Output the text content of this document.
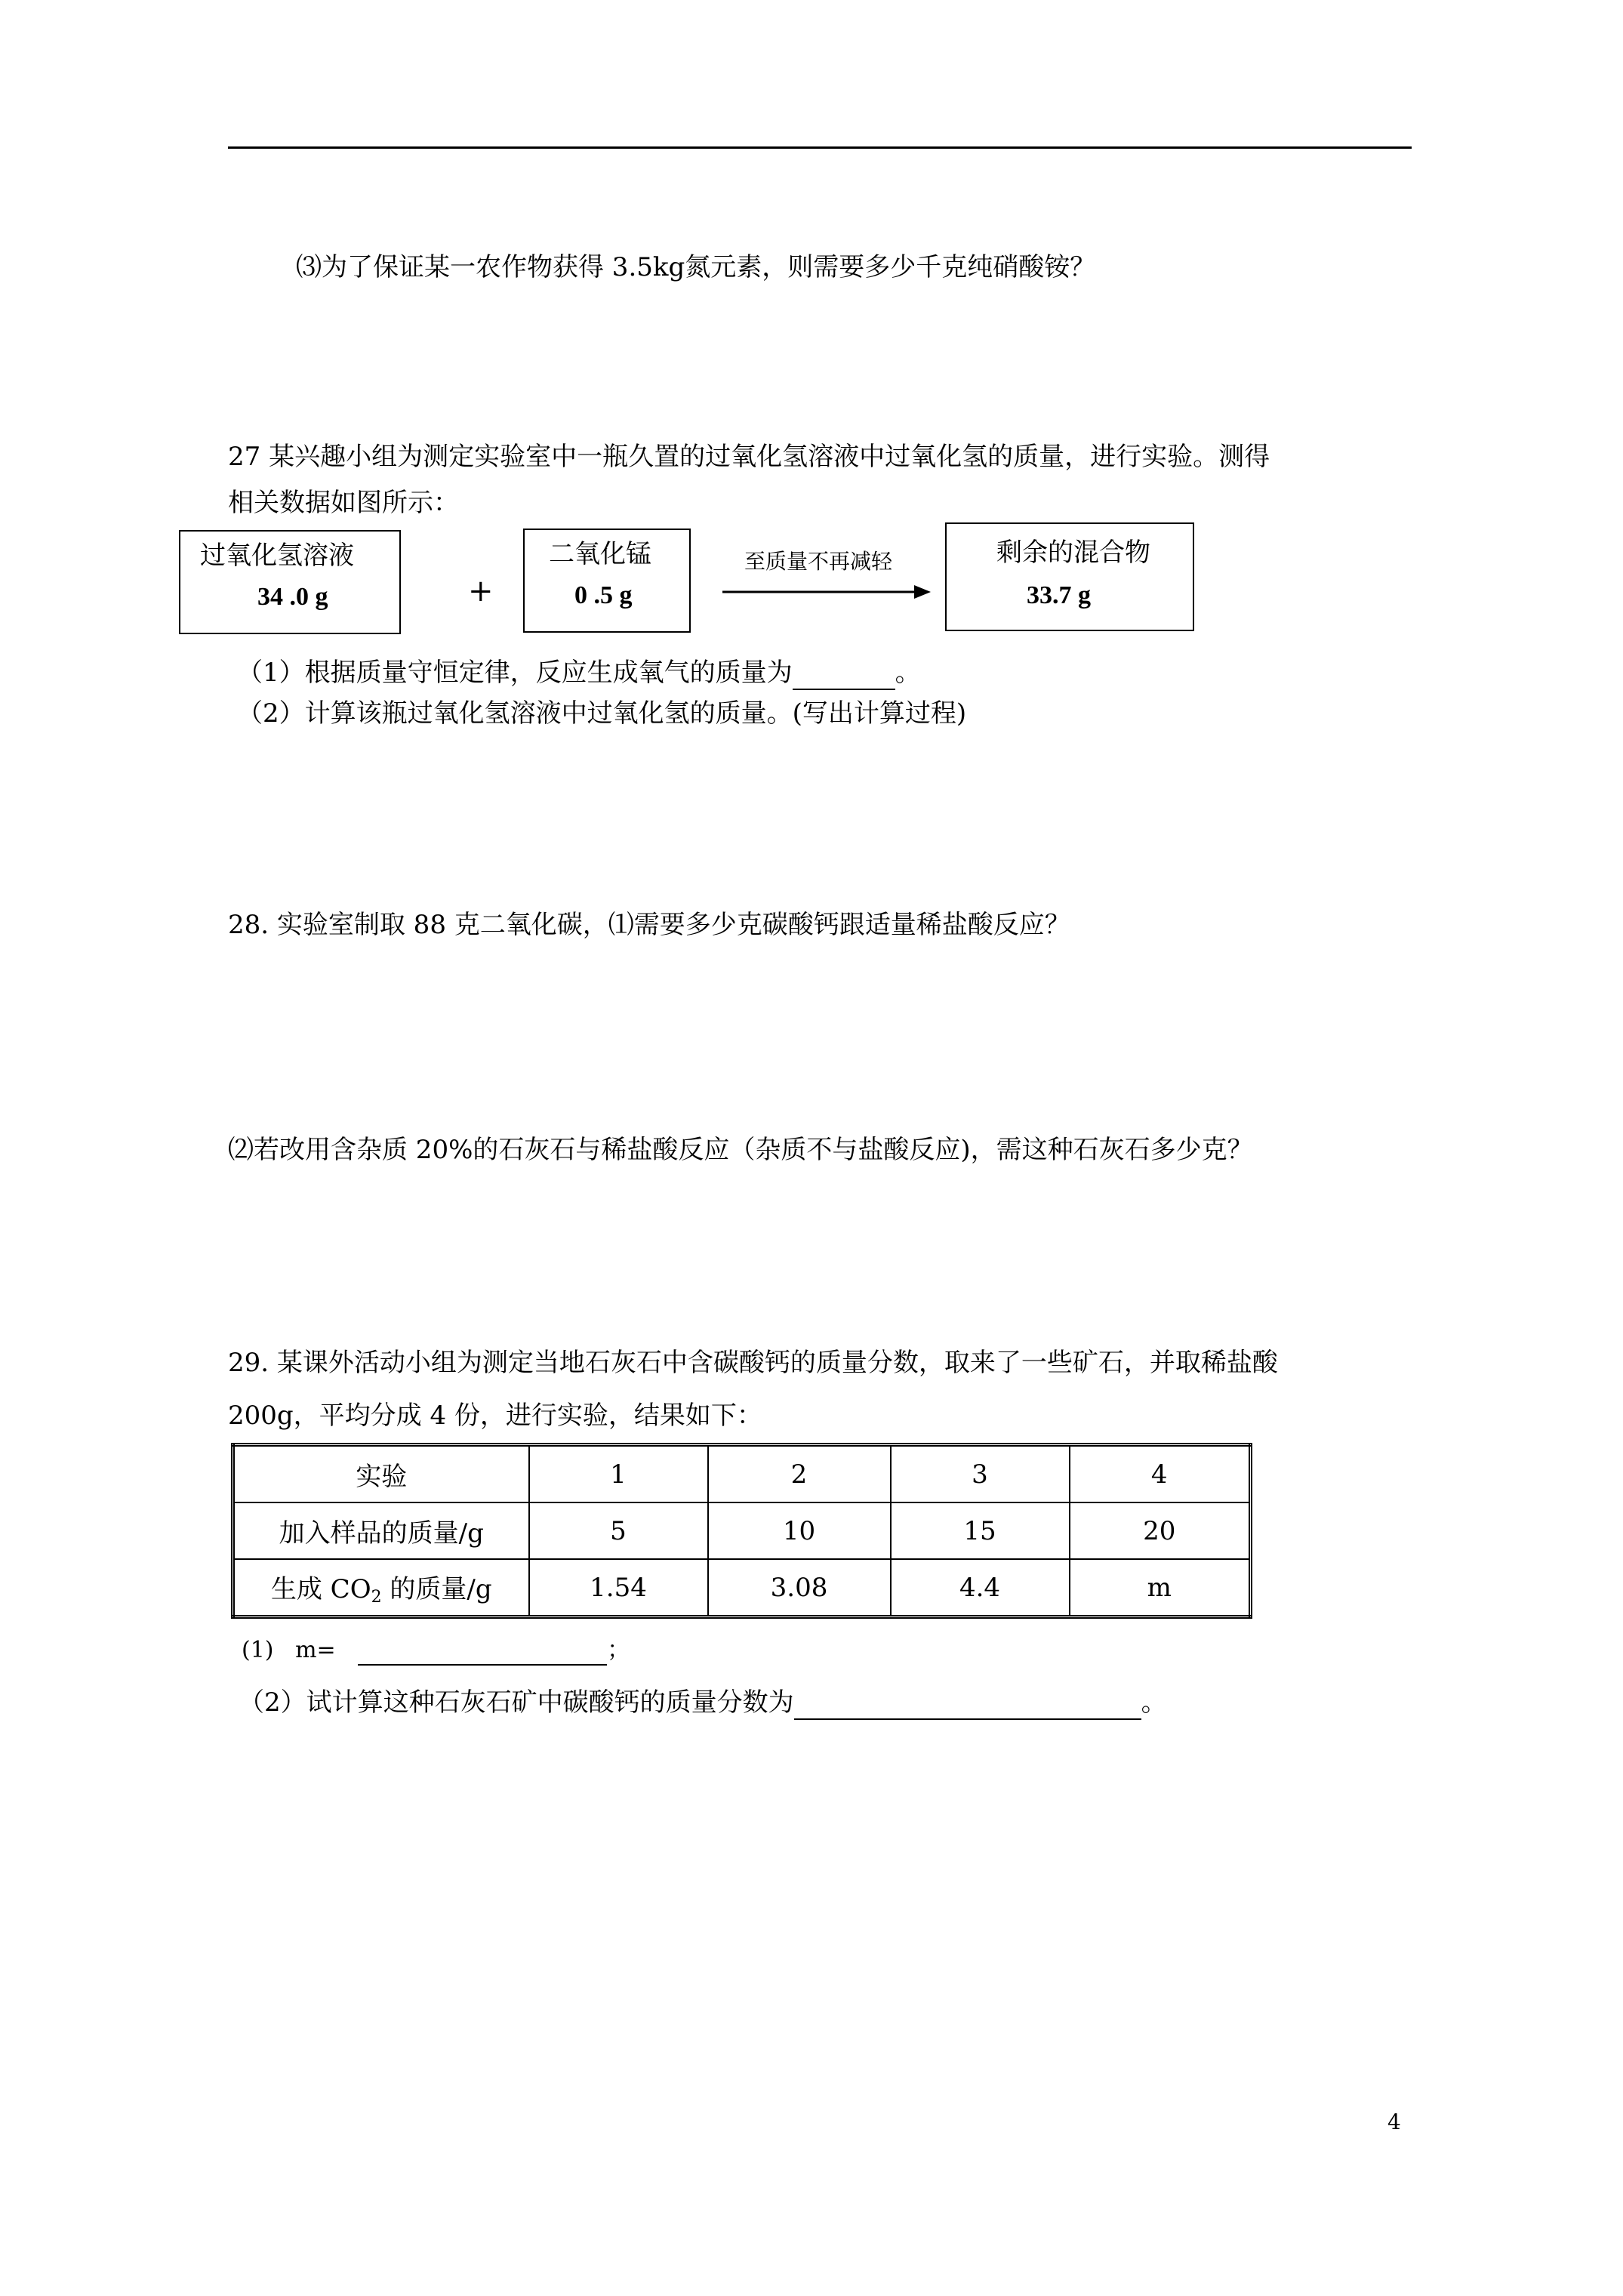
⑶为了保证某一农作物获得 3.5kg氮元素，则需要多少千克纯硝酸铵？
27 某兴趣小组为测定实验室中一瓶久置的过氧化氢溶液中过氧化氢的质量，进行实验。测得
相关数据如图所示：
过氧化氢溶液
34 .0 g	+
二氧化锰
0 .5 g
至质量不再减轻	剩余的混合物
33.7 g
（1）根据质量守恒定律，反应生成氧气的质量为	。
（2）计算该瓶过氧化氢溶液中过氧化氢的质量。(写出计算过程)
28. 实验室制取 88 克二氧化碳，⑴需要多少克碳酸钙跟适量稀盐酸反应？
⑵若改用含杂质 20%的石灰石与稀盐酸反应（杂质不与盐酸反应)，需这种石灰石多少克？
29. 某课外活动小组为测定当地石灰石中含碳酸钙的质量分数，取来了一些矿石，并取稀盐酸
200g，平均分成 4 份，进行实验，结果如下：
实验	1	2	3	4
加入样品的质量/g	5	10	15	20
生成 $CO_2$ 的质量/g	1.54	3.08	4.4	m
(1)   m=	；
（2）试计算这种石灰石矿中碳酸钙的质量分数为	。
4
